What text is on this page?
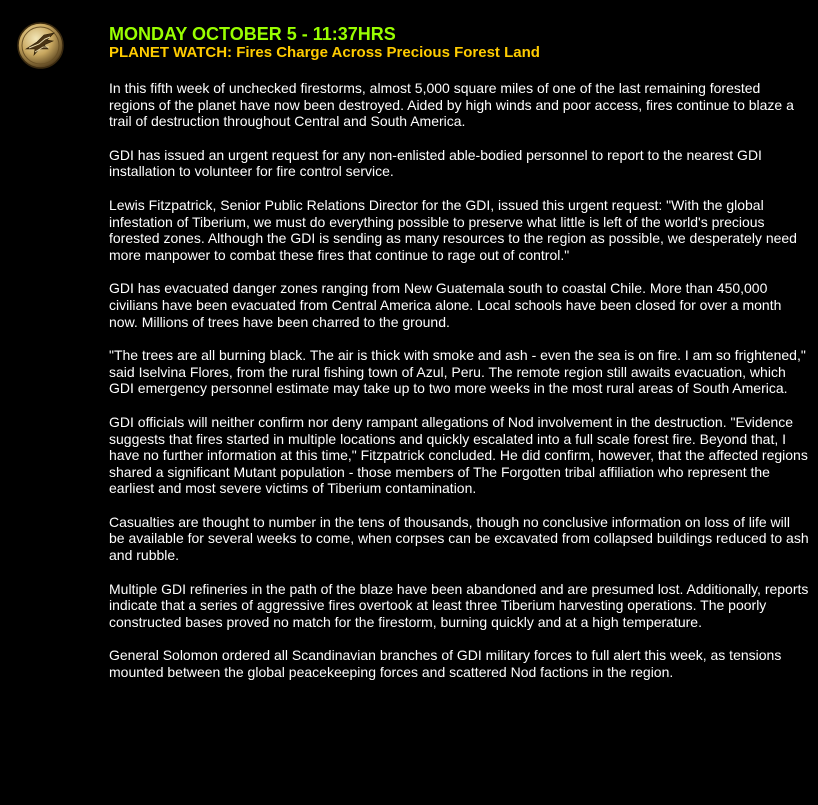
MONDAY OCTOBER 5 - 11:37HRS
PLANET WATCH: Fires Charge Across Precious Forest Land

In this fifth week of unchecked firestorms, almost 5,000 square miles of one of the last remaining forested regions of the planet have now been destroyed. Aided by high winds and poor access, fires continue to blaze a trail of destruction throughout Central and South America.

GDI has issued an urgent request for any non-enlisted able-bodied personnel to report to the nearest GDI installation to volunteer for fire control service.

Lewis Fitzpatrick, Senior Public Relations Director for the GDI, issued this urgent request: "With the global infestation of Tiberium, we must do everything possible to preserve what little is left of the world's precious forested zones. Although the GDI is sending as many resources to the region as possible, we desperately need more manpower to combat these fires that continue to rage out of control."

GDI has evacuated danger zones ranging from New Guatemala south to coastal Chile. More than 450,000 civilians have been evacuated from Central America alone. Local schools have been closed for over a month now. Millions of trees have been charred to the ground.

"The trees are all burning black. The air is thick with smoke and ash - even the sea is on fire. I am so frightened," said Iselvina Flores, from the rural fishing town of Azul, Peru. The remote region still awaits evacuation, which GDI emergency personnel estimate may take up to two more weeks in the most rural areas of South America.

GDI officials will neither confirm nor deny rampant allegations of Nod involvement in the destruction. "Evidence suggests that fires started in multiple locations and quickly escalated into a full scale forest fire. Beyond that, I have no further information at this time," Fitzpatrick concluded. He did confirm, however, that the affected regions shared a significant Mutant population - those members of The Forgotten tribal affiliation who represent the earliest and most severe victims of Tiberium contamination.

Casualties are thought to number in the tens of thousands, though no conclusive information on loss of life will be available for several weeks to come, when corpses can be excavated from collapsed buildings reduced to ash and rubble.

Multiple GDI refineries in the path of the blaze have been abandoned and are presumed lost. Additionally, reports indicate that a series of aggressive fires overtook at least three Tiberium harvesting operations. The poorly constructed bases proved no match for the firestorm, burning quickly and at a high temperature.

General Solomon ordered all Scandinavian branches of GDI military forces to full alert this week, as tensions mounted between the global peacekeeping forces and scattered Nod factions in the region.
